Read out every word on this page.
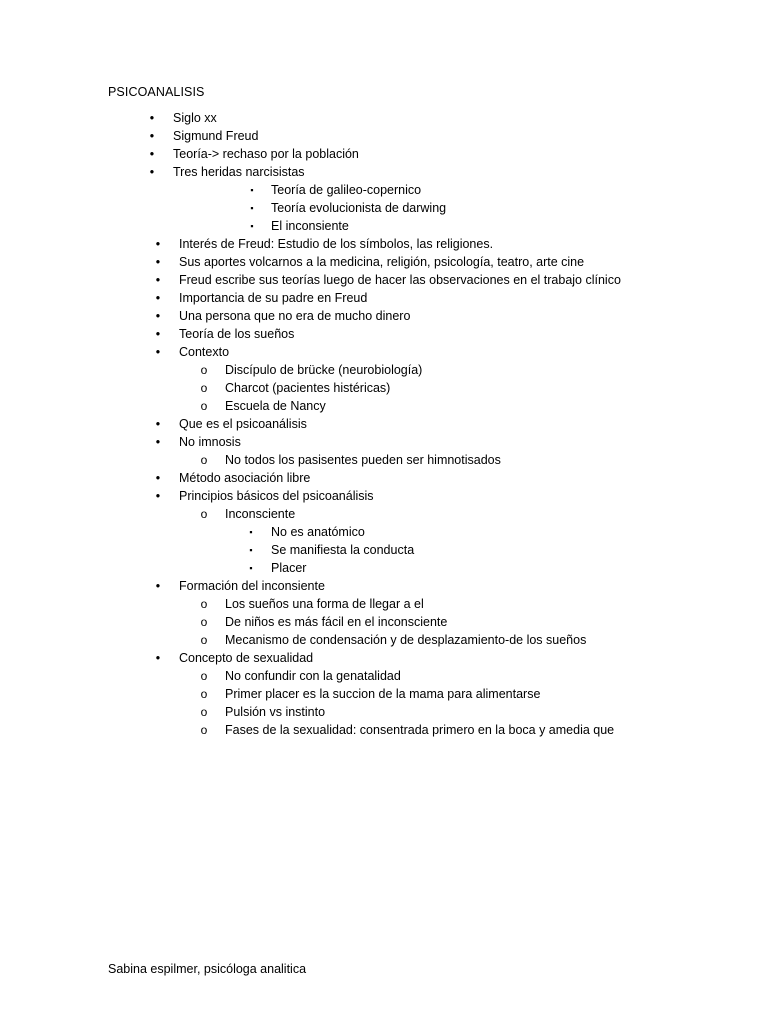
PSICOANALISIS
•	Siglo xx
•	Sigmund Freud
•	Teoría-> rechaso por la población
•	Tres heridas narcisistas
▪	Teoría de galileo-copernico
▪	Teoría evolucionista de darwing
▪	El inconsiente
•	Interés de Freud: Estudio de los símbolos, las religiones.
•	Sus aportes volcarnos a la medicina, religión, psicología, teatro, arte cine
•	Freud escribe sus teorías luego de hacer las observaciones en el trabajo clínico
•	Importancia de su padre en Freud
•	Una persona que no era de mucho dinero
•	Teoría de los sueños
•	Contexto
o Discípulo de brücke (neurobiología)
o Charcot (pacientes histéricas)
o Escuela de Nancy
•	Que es el psicoanálisis
•	No imnosis
o No todos los pasisentes pueden ser himnotisados
•	Método asociación libre
•	Principios básicos del psicoanálisis
o Inconsciente
▪	No es anatómico
▪	Se manifiesta la conducta
▪	Placer
•	Formación del inconsiente
o Los sueños una forma de llegar a el
o De niños es más fácil en el inconsciente
o Mecanismo de condensación y de desplazamiento-de los sueños
•	Concepto de sexualidad
o No confundir con la genatalidad
o Primer placer es la succion de la mama para alimentarse
o Pulsión vs instinto
o Fases de la sexualidad: consentrada primero en la boca y amedia que
Sabina espilmer, psicóloga analitica
